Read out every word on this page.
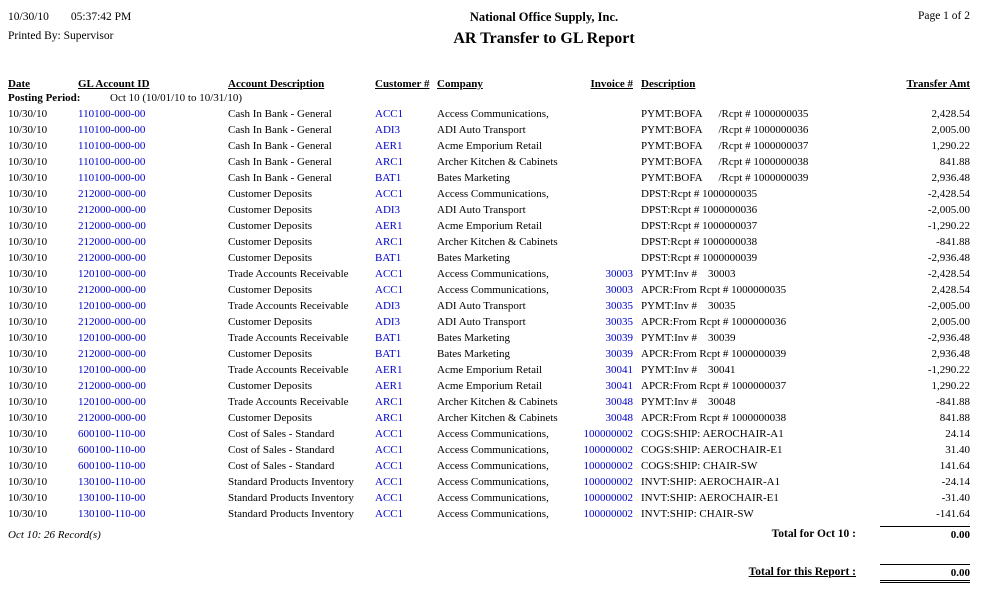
10/30/10 05:37:42 PM
Printed By: Supervisor
National Office Supply, Inc.
AR Transfer to GL Report
Page 1 of 2
Date	GL Account ID	Account Description	Customer #	Company	Invoice #	Description	Transfer Amt
Posting Period: Oct 10 (10/01/10 to 10/31/10)							
10/30/10	110100-000-00	Cash In Bank - General	ACC1	Access Communications,		PYMT:BOFA      /Rcpt # 1000000035	2,428.54
10/30/10	110100-000-00	Cash In Bank - General	ADI3	ADI Auto Transport		PYMT:BOFA      /Rcpt # 1000000036	2,005.00
10/30/10	110100-000-00	Cash In Bank - General	AER1	Acme Emporium Retail		PYMT:BOFA      /Rcpt # 1000000037	1,290.22
10/30/10	110100-000-00	Cash In Bank - General	ARC1	Archer Kitchen & Cabinets		PYMT:BOFA      /Rcpt # 1000000038	841.88
10/30/10	110100-000-00	Cash In Bank - General	BAT1	Bates Marketing		PYMT:BOFA      /Rcpt # 1000000039	2,936.48
10/30/10	212000-000-00	Customer Deposits	ACC1	Access Communications,		DPST:Rcpt # 1000000035	-2,428.54
10/30/10	212000-000-00	Customer Deposits	ADI3	ADI Auto Transport		DPST:Rcpt # 1000000036	-2,005.00
10/30/10	212000-000-00	Customer Deposits	AER1	Acme Emporium Retail		DPST:Rcpt # 1000000037	-1,290.22
10/30/10	212000-000-00	Customer Deposits	ARC1	Archer Kitchen & Cabinets		DPST:Rcpt # 1000000038	-841.88
10/30/10	212000-000-00	Customer Deposits	BAT1	Bates Marketing		DPST:Rcpt # 1000000039	-2,936.48
10/30/10	120100-000-00	Trade Accounts Receivable	ACC1	Access Communications,	30003	PYMT:Inv #    30003	-2,428.54
10/30/10	212000-000-00	Customer Deposits	ACC1	Access Communications,	30003	APCR:From Rcpt # 1000000035	2,428.54
10/30/10	120100-000-00	Trade Accounts Receivable	ADI3	ADI Auto Transport	30035	PYMT:Inv #    30035	-2,005.00
10/30/10	212000-000-00	Customer Deposits	ADI3	ADI Auto Transport	30035	APCR:From Rcpt # 1000000036	2,005.00
10/30/10	120100-000-00	Trade Accounts Receivable	BAT1	Bates Marketing	30039	PYMT:Inv #    30039	-2,936.48
10/30/10	212000-000-00	Customer Deposits	BAT1	Bates Marketing	30039	APCR:From Rcpt # 1000000039	2,936.48
10/30/10	120100-000-00	Trade Accounts Receivable	AER1	Acme Emporium Retail	30041	PYMT:Inv #    30041	-1,290.22
10/30/10	212000-000-00	Customer Deposits	AER1	Acme Emporium Retail	30041	APCR:From Rcpt # 1000000037	1,290.22
10/30/10	120100-000-00	Trade Accounts Receivable	ARC1	Archer Kitchen & Cabinets	30048	PYMT:Inv #    30048	-841.88
10/30/10	212000-000-00	Customer Deposits	ARC1	Archer Kitchen & Cabinets	30048	APCR:From Rcpt # 1000000038	841.88
10/30/10	600100-110-00	Cost of Sales - Standard	ACC1	Access Communications,	100000002	COGS:SHIP: AEROCHAIR-A1	24.14
10/30/10	600100-110-00	Cost of Sales - Standard	ACC1	Access Communications,	100000002	COGS:SHIP: AEROCHAIR-E1	31.40
10/30/10	600100-110-00	Cost of Sales - Standard	ACC1	Access Communications,	100000002	COGS:SHIP: CHAIR-SW	141.64
10/30/10	130100-110-00	Standard Products Inventory	ACC1	Access Communications,	100000002	INVT:SHIP: AEROCHAIR-A1	-24.14
10/30/10	130100-110-00	Standard Products Inventory	ACC1	Access Communications,	100000002	INVT:SHIP: AEROCHAIR-E1	-31.40
10/30/10	130100-110-00	Standard Products Inventory	ACC1	Access Communications,	100000002	INVT:SHIP: CHAIR-SW	-141.64
Oct 10: 26 Record(s)	Total for Oct 10 :	0.00
Total for this Report :	0.00
